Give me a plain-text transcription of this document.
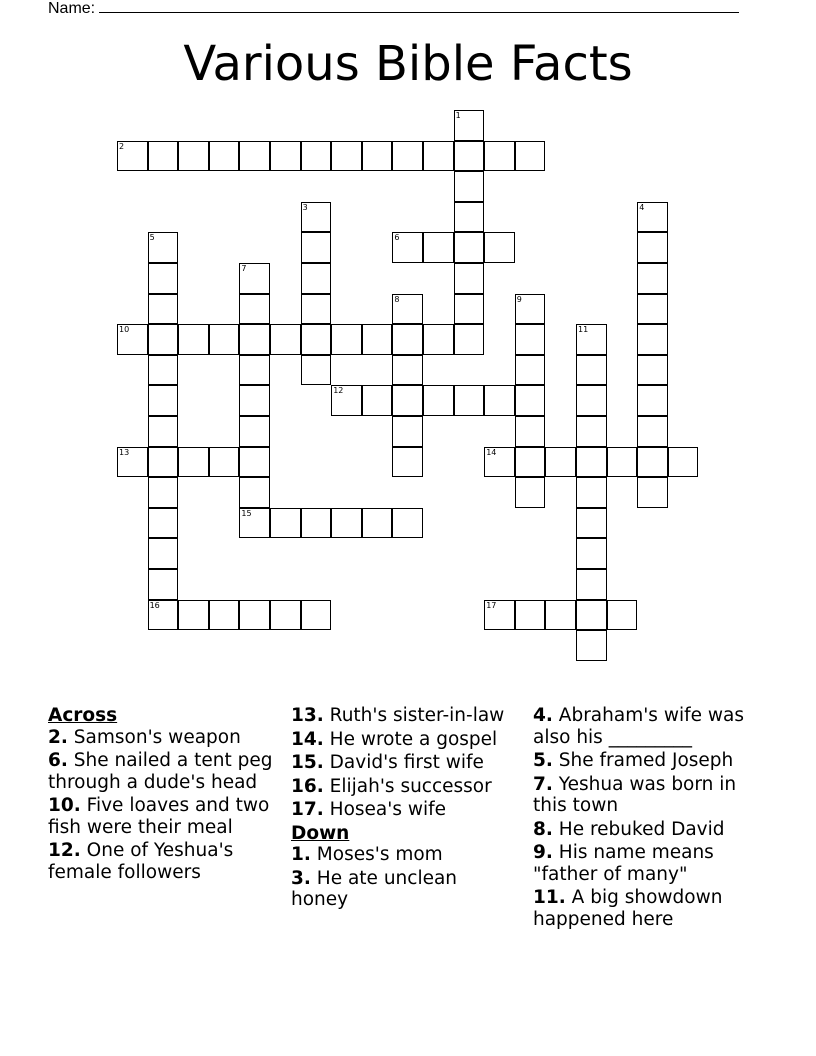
Name:
Various Bible Facts
1
2
3	4
5
16
6
7
15
8	9
10	11
12
13	14
17
Across
2. Samson's weapon
6. She nailed a tent peg through a dude's head
10. Five loaves and two fish were their meal
12. One of Yeshua's female followers
13. Ruth's sister-in-law
14. He wrote a gospel
15. David's first wife
16. Elijah's successor
17. Hosea's wife
Down
1. Moses's mom
3. He ate unclean honey
4. Abraham's wife was also his _________
5. She framed Joseph
7. Yeshua was born in this town
8. He rebuked David
9. His name means "father of many"
11. A big showdown happened here
